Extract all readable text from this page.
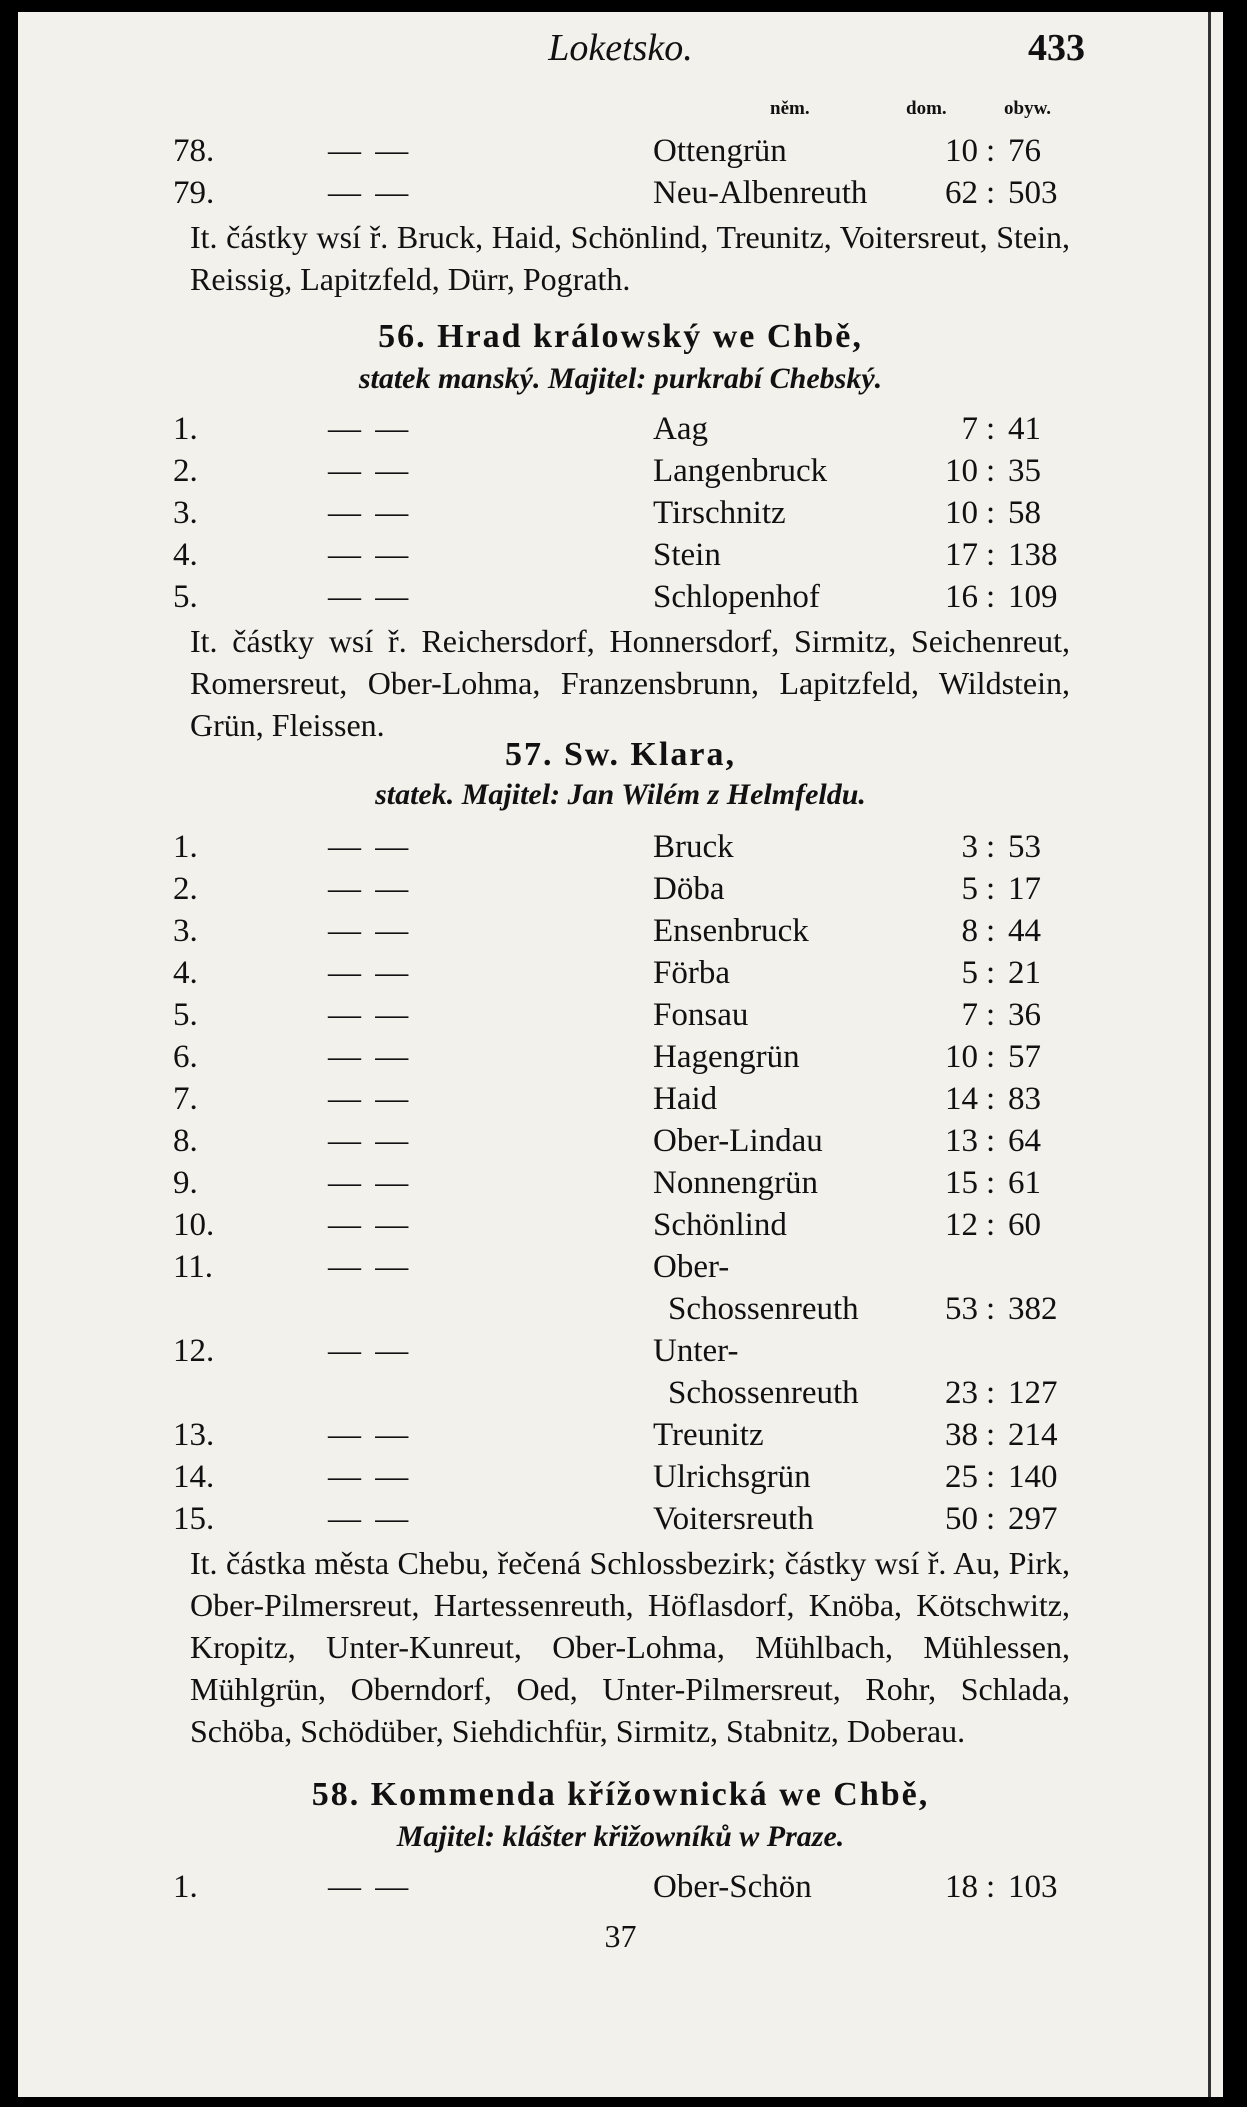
Loketsko.	433
něm.	dom.	obyw.
78.	— —	Ottengrün	10 : 76
79.	— —	Neu-Albenreuth	62 : 503
It. částky wsí ř. Bruck, Haid, Schönlind, Treunitz, Voitersreut, Stein, Reissig, Lapitzfeld, Dürr, Pograth.
56. Hrad králowský we Chbě,
statek manský. Majitel: purkrabí Chebský.
1.	— —	Aag	7 : 41
2.	— —	Langenbruck	10 : 35
3.	— —	Tirschnitz	10 : 58
4.	— —	Stein	17 : 138
5.	— —	Schlopenhof	16 : 109
It. částky wsí ř. Reichersdorf, Honnersdorf, Sirmitz, Seichenreut, Romersreut, Ober-Lohma, Franzensbrunn, Lapitzfeld, Wildstein, Grün, Fleissen.
57. Sw. Klara,
statek. Majitel: Jan Wilém z Helmfeldu.
1.	— —	Bruck	3 : 53
2.	— —	Döba	5 : 17
3.	— —	Ensenbruck	8 : 44
4.	— —	Förba	5 : 21
5.	— —	Fonsau	7 : 36
6.	— —	Hagengrün	10 : 57
7.	— —	Haid	14 : 83
8.	— —	Ober-Lindau	13 : 64
9.	— —	Nonnengrün	15 : 61
10.	— —	Schönlind	12 : 60
11.	— —	Ober-
Schossenreuth	53 : 382
12.	— —	Unter-
Schossenreuth	23 : 127
13.	— —	Treunitz	38 : 214
14.	— —	Ulrichsgrün	25 : 140
15.	— —	Voitersreuth	50 : 297
It. částka města Chebu, řečená Schlossbezirk; částky wsí ř. Au, Pirk, Ober-Pilmersreut, Hartessenreuth, Höflasdorf, Knöba, Kötschwitz, Kropitz, Unter-Kunreut, Ober-Lohma, Mühlbach, Mühlessen, Mühlgrün, Oberndorf, Oed, Unter-Pilmersreut, Rohr, Schlada, Schöba, Schödüber, Siehdichfür, Sirmitz, Stabnitz, Doberau.
58. Kommenda křížownická we Chbě,
Majitel: klášter křižowníků w Praze.
1.	— —	Ober-Schön	18 : 103
37
